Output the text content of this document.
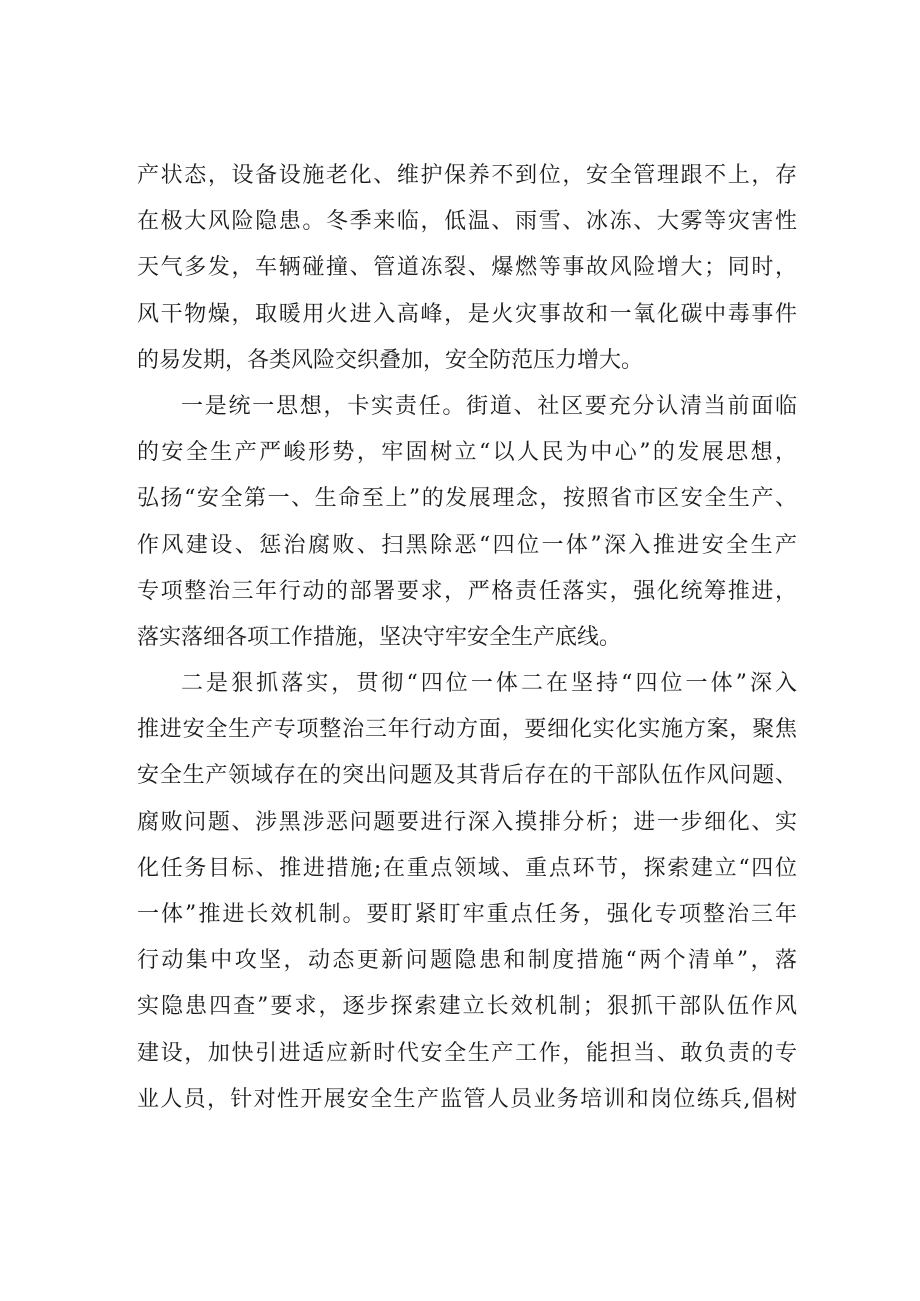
产状态，设备设施老化、维护保养不到位，安全管理跟不上，存
在极大风险隐患。冬季来临，低温、雨雪、冰冻、大雾等灾害性
天气多发，车辆碰撞、管道冻裂、爆燃等事故风险增大；同时，
风干物燥，取暖用火进入高峰，是火灾事故和一氧化碳中毒事件
的易发期，各类风险交织叠加，安全防范压力增大。
一是统一思想，卡实责任。街道、社区要充分认清当前面临
的安全生产严峻形势，牢固树立“以人民为中心”的发展思想，
弘扬“安全第一、生命至上”的发展理念，按照省市区安全生产、
作风建设、惩治腐败、扫黑除恶“四位一体”深入推进安全生产
专项整治三年行动的部署要求，严格责任落实，强化统筹推进，
落实落细各项工作措施，坚决守牢安全生产底线。
二是狠抓落实，贯彻“四位一体二在坚持“四位一体”深入
推进安全生产专项整治三年行动方面，要细化实化实施方案，聚焦
安全生产领域存在的突出问题及其背后存在的干部队伍作风问题、
腐败问题、涉黑涉恶问题要进行深入摸排分析；进一步细化、实
化任务目标、推进措施;在重点领域、重点环节，探索建立“四位
一体”推进长效机制。要盯紧盯牢重点任务，强化专项整治三年
行动集中攻坚，动态更新问题隐患和制度措施“两个清单”，落
实隐患四查”要求，逐步探索建立长效机制；狠抓干部队伍作风
建设，加快引进适应新时代安全生产工作，能担当、敢负责的专
业人员，针对性开展安全生产监管人员业务培训和岗位练兵,倡树
